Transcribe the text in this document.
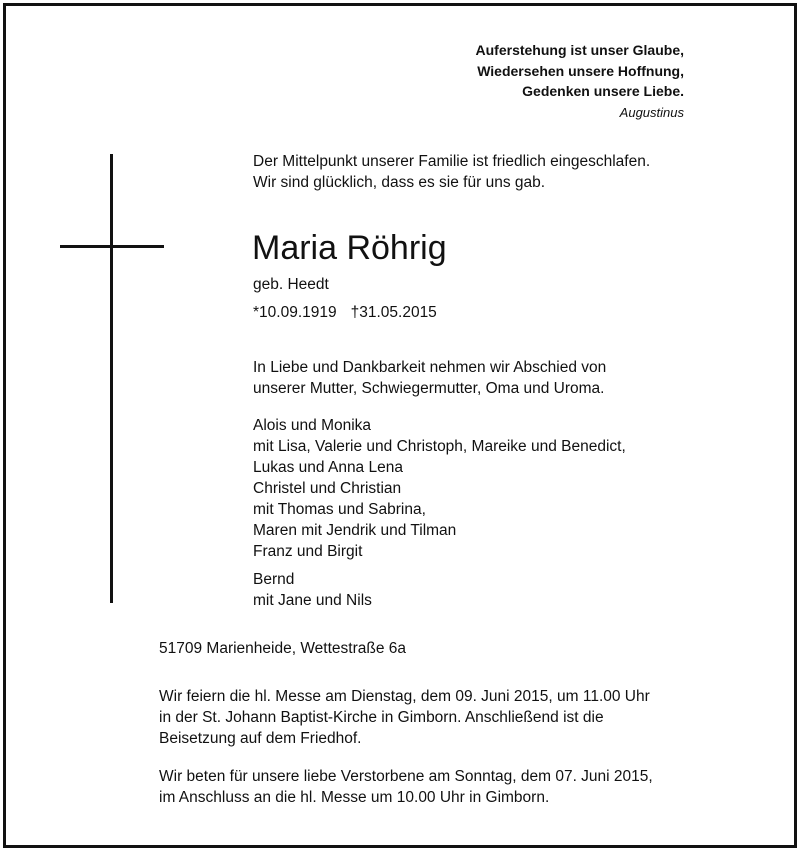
Auferstehung ist unser Glaube,
Wiedersehen unsere Hoffnung,
Gedenken unsere Liebe.
Augustinus
Der Mittelpunkt unserer Familie ist friedlich eingeschlafen.
Wir sind glücklich, dass es sie für uns gab.
Maria Röhrig
geb. Heedt
*10.09.1919 †31.05.2015
In Liebe und Dankbarkeit nehmen wir Abschied von
unserer Mutter, Schwiegermutter, Oma und Uroma.
Alois und Monika
mit Lisa, Valerie und Christoph, Mareike und Benedict,
Lukas und Anna Lena
Christel und Christian
mit Thomas und Sabrina,
Maren mit Jendrik und Tilman
Franz und Birgit
Bernd
mit Jane und Nils
51709 Marienheide, Wettestraße 6a
Wir feiern die hl. Messe am Dienstag, dem 09. Juni 2015, um 11.00 Uhr
in der St. Johann Baptist-Kirche in Gimborn. Anschließend ist die
Beisetzung auf dem Friedhof.
Wir beten für unsere liebe Verstorbene am Sonntag, dem 07. Juni 2015,
im Anschluss an die hl. Messe um 10.00 Uhr in Gimborn.
